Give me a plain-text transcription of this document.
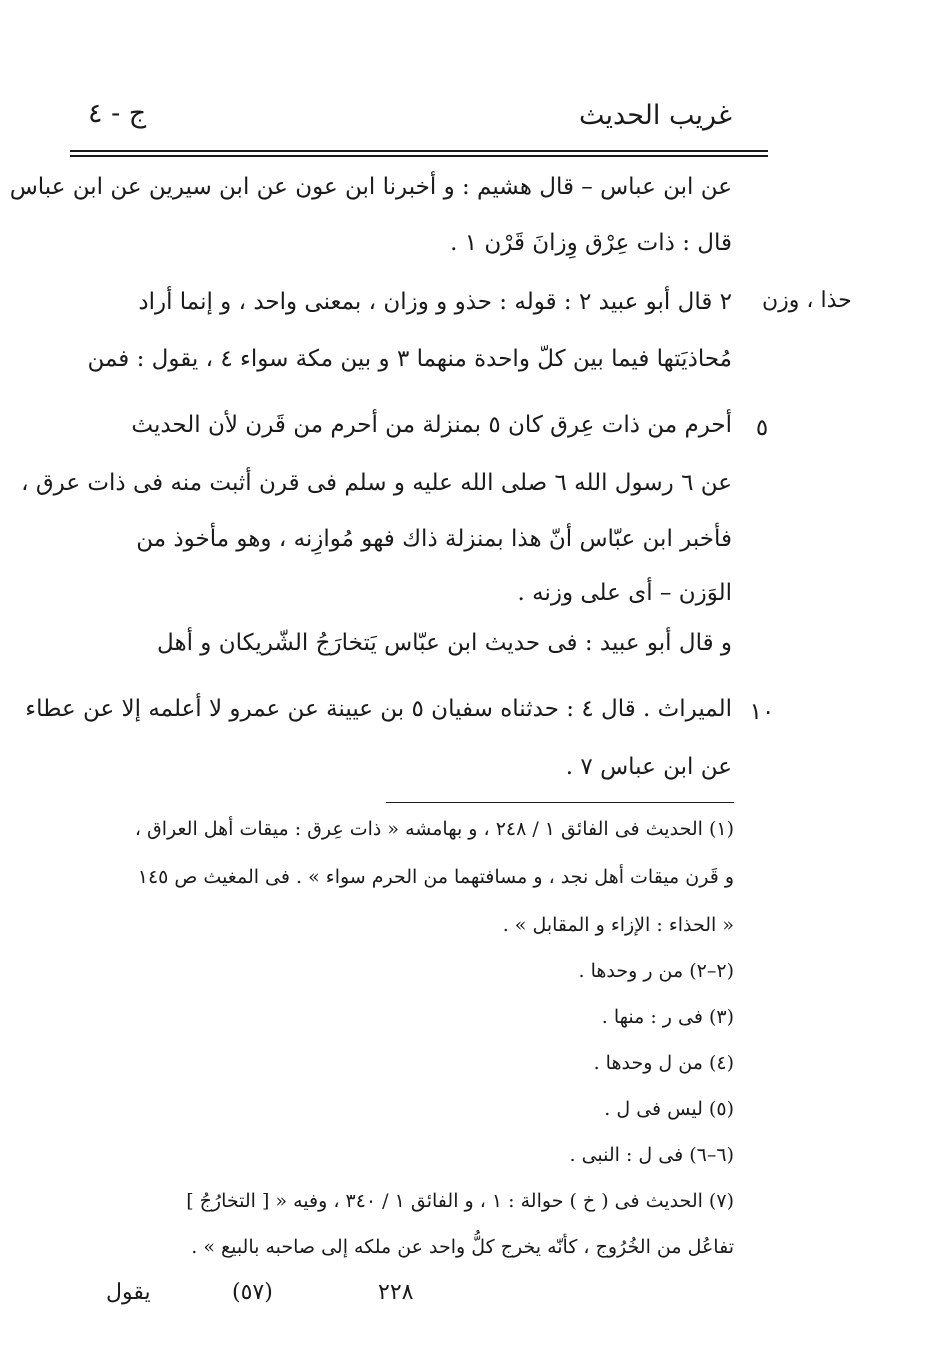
غريب الحديث
ج - ٤
حذا ، وزن
عن ابن عباس – قال هشيم : و أخبرنا ابن عون عن ابن سيرين عن ابن عباس
قال : ذات عِرْق وِزانَ قَرْن ١ .
٢ قال أبو عبيد ٢ : قوله : حذو و وزان ، بمعنى واحد ، و إنما أراد
مُحاذيَتها فيما بين كلّ واحدة منهما ٣ و بين مكة سواء ٤ ، يقول : فمن
أحرم من ذات عِرق كان ٥ بمنزلة من أحرم من قَرن لأن الحديث
عن ٦ رسول الله ٦ صلى الله عليه و سلم فى قرن أثبت منه فى ذات عرق ،
فأخبر ابن عبّاس أنّ هذا بمنزلة ذاك فهو مُوازِنه ، وهو مأخوذ من
الوَزن – أى على وزنه .
و قال أبو عبيد : فى حديث ابن عبّاس يَتخارَجُ الشّريكان و أهل
الميراث . قال ٤ : حدثناه سفيان ٥ بن عيينة عن عمرو لا أعلمه إلا عن عطاء
عن ابن عباس ٧ .
٥
١٠
(١) الحديث فى الفائق ١ / ٢٤٨ ، و بهامشه « ذات عِرق : ميقات أهل العراق ،
و قَرن ميقات أهل نجد ، و مسافتهما من الحرم سواء » . فى المغيث ص ١٤٥
« الحذاء : الإزاء و المقابل » .
(٢–٢) من ر وحدها .
(٣) فى ر : منها .
(٤) من ل وحدها .
(٥) ليس فى ل .
(٦–٦) فى ل : النبى .
(٧) الحديث فى ( خ ) حوالة : ١ ، و الفائق ١ / ٣٤٠ ، وفيه « [ التخارُجُ ]
تفاعُل من الخُرُوج ، كأنّه يخرج كلُّ واحد عن ملكه إلى صاحبه بالبيع » .
٢٢٨
(٥٧)
يقول
